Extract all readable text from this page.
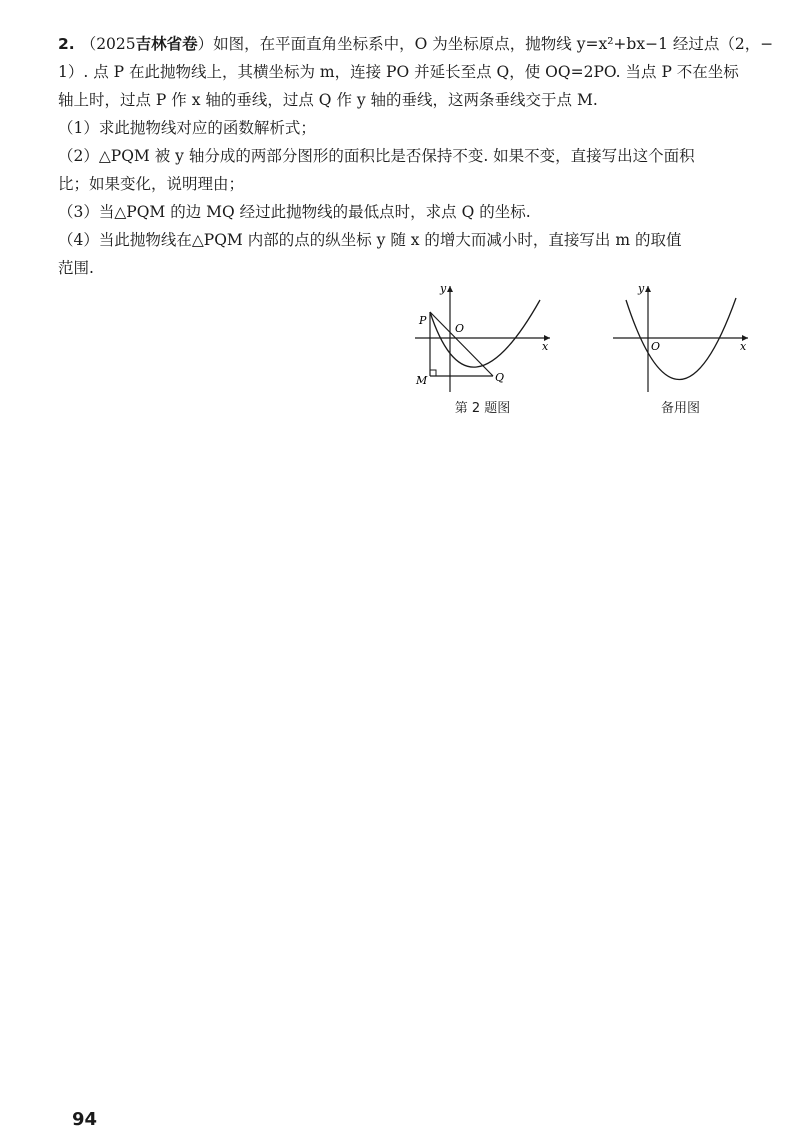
2. （2025吉林省卷）如图，在平面直角坐标系中，O 为坐标原点，抛物线 y=x²+bx−1 经过点（2，−
1）. 点 P 在此抛物线上，其横坐标为 m，连接 PO 并延长至点 Q，使 OQ=2PO. 当点 P 不在坐标
轴上时，过点 P 作 x 轴的垂线，过点 Q 作 y 轴的垂线，这两条垂线交于点 M.
（1）求此抛物线对应的函数解析式；
（2）△PQM 被 y 轴分成的两部分图形的面积比是否保持不变. 如果不变，直接写出这个面积
比；如果变化，说明理由；
（3）当△PQM 的边 MQ 经过此抛物线的最低点时，求点 Q 的坐标.
（4）当此抛物线在△PQM 内部的点的纵坐标 y 随 x 的增大而减小时，直接写出 m 的取值
范围.
y
x
O
P
Q
M
第 2 题图
y
x
O
备用图
94
